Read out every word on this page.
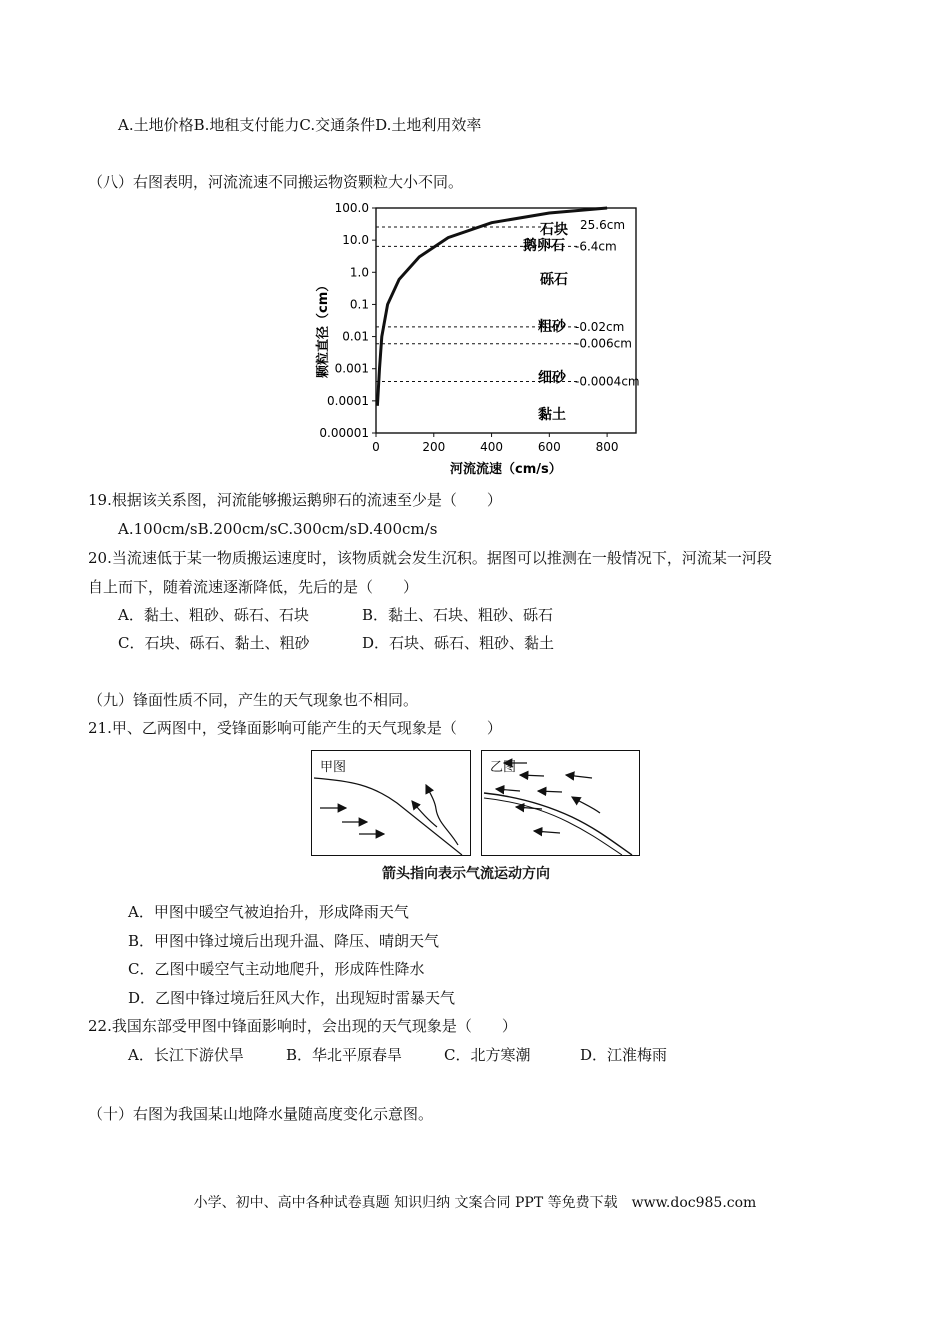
A.土地价格B.地租支付能力C.交通条件D.土地利用效率
（八）右图表明，河流流速不同搬运物资颗粒大小不同。
100.0
10.0
1.0
0.1
0.01
0.001
0.0001
0.00001
0	200	400	600	800
25.6cm
-6.4cm
-0.02cm
-0.006cm
-0.0004cm
石块
鹅卵石
砾石
粗砂
细砂
黏土
颗粒直径（cm）
河流流速（cm/s）
19.根据该关系图，河流能够搬运鹅卵石的流速至少是（　　）
A.100cm/sB.200cm/sC.300cm/sD.400cm/s
20.当流速低于某一物质搬运速度时，该物质就会发生沉积。据图可以推测在一般情况下，河流某一河段
自上而下，随着流速逐渐降低，先后的是（　　）
A．黏土、粗砂、砾石、石块	B．黏土、石块、粗砂、砾石
C．石块、砾石、黏土、粗砂	D．石块、砾石、粗砂、黏土
（九）锋面性质不同，产生的天气现象也不相同。
21.甲、乙两图中，受锋面影响可能产生的天气现象是（　　）
甲图	乙图
箭头指向表示气流运动方向
A．甲图中暖空气被迫抬升，形成降雨天气
B．甲图中锋过境后出现升温、降压、晴朗天气
C．乙图中暖空气主动地爬升，形成阵性降水
D．乙图中锋过境后狂风大作，出现短时雷暴天气
22.我国东部受甲图中锋面影响时，会出现的天气现象是（　　）
A．长江下游伏旱	B．华北平原春旱	C．北方寒潮	D．江淮梅雨
（十）右图为我国某山地降水量随高度变化示意图。
小学、初中、高中各种试卷真题 知识归纳 文案合同 PPT 等免费下载　www.doc985.com
